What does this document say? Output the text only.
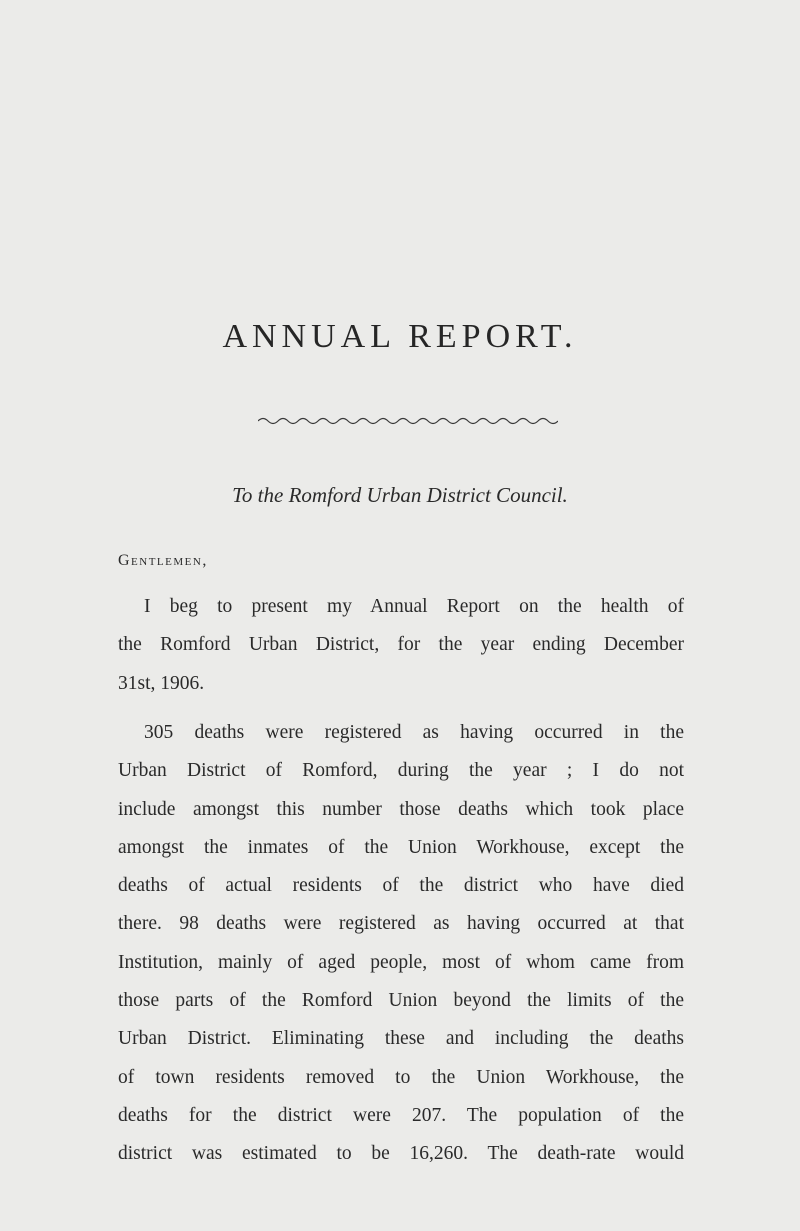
ANNUAL REPORT.
To the Romford Urban District Council.
Gentlemen,
I beg to present my Annual Report on the health of
the Romford Urban District, for the year ending December
31st, 1906.
305 deaths were registered as having occurred in the
Urban District of Romford, during the year ; I do not
include amongst this number those deaths which took place
amongst the inmates of the Union Workhouse, except the
deaths of actual residents of the district who have died
there. 98 deaths were registered as having occurred at that
Institution, mainly of aged people, most of whom came from
those parts of the Romford Union beyond the limits of the
Urban District. Eliminating these and including the deaths
of town residents removed to the Union Workhouse, the
deaths for the district were 207. The population of the
district was estimated to be 16,260. The death-rate would
